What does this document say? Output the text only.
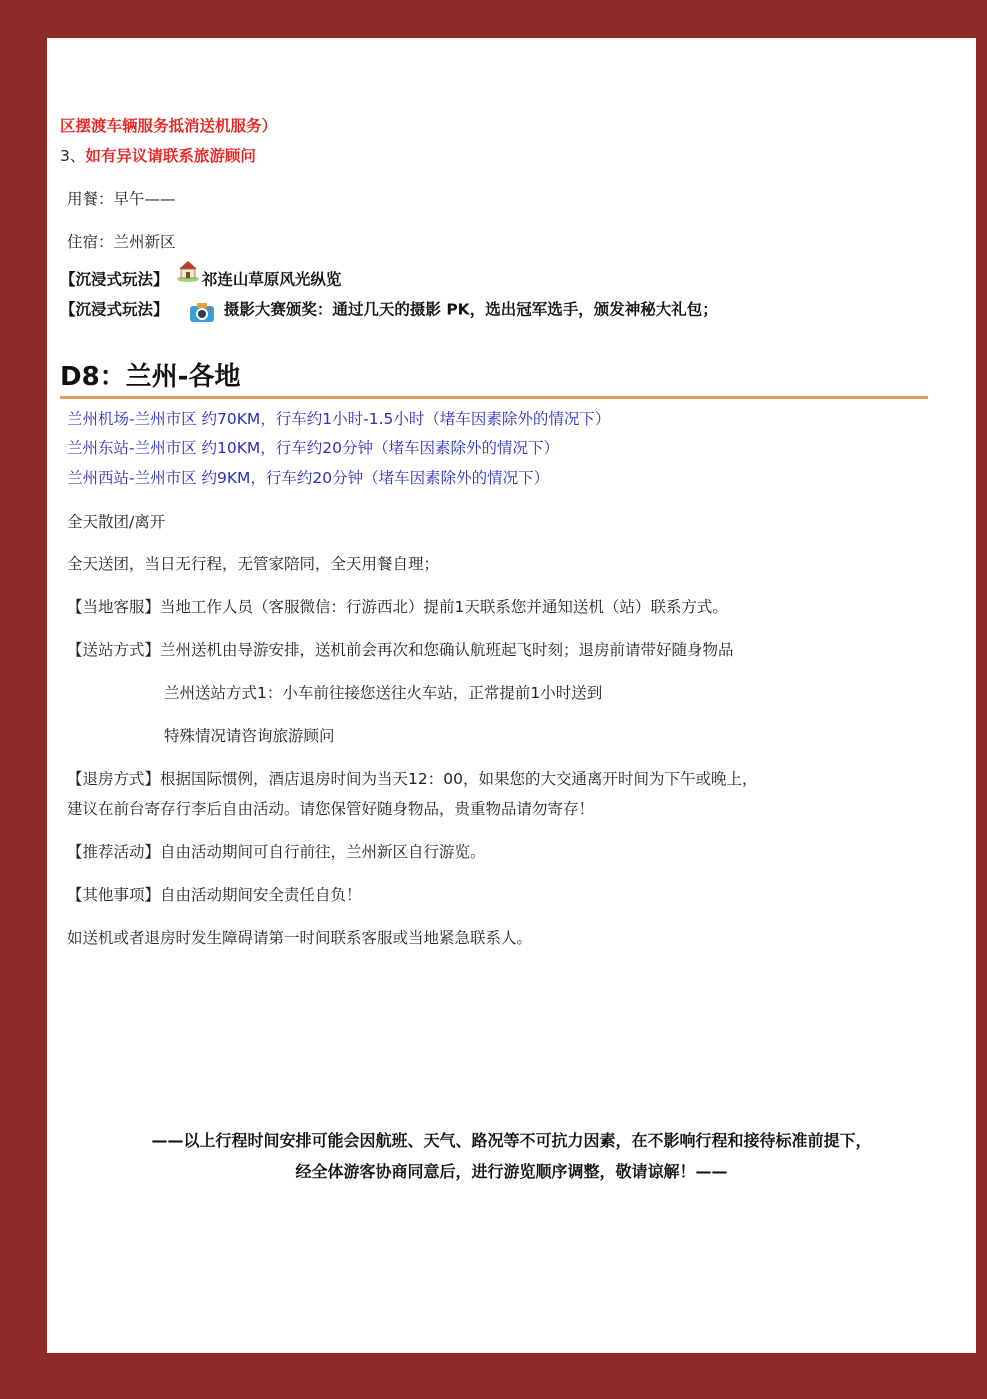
区摆渡车辆服务抵消送机服务）
3、如有异议请联系旅游顾问
用餐：早午——
住宿：兰州新区
【沉浸式玩法】 祁连山草原风光纵览
【沉浸式玩法】	摄影大赛颁奖：通过几天的摄影 PK，选出冠军选手，颁发神秘大礼包；
D8：兰州-各地
兰州机场-兰州市区 约70KM，行车约1小时-1.5小时（堵车因素除外的情况下）
兰州东站-兰州市区 约10KM，行车约20分钟（堵车因素除外的情况下）
兰州西站-兰州市区 约9KM，行车约20分钟（堵车因素除外的情况下）
全天散团/离开
全天送团，当日无行程，无管家陪同，全天用餐自理；
【当地客服】当地工作人员（客服微信：行游西北）提前1天联系您并通知送机（站）联系方式。
【送站方式】兰州送机由导游安排，送机前会再次和您确认航班起飞时刻；退房前请带好随身物品
兰州送站方式1：小车前往接您送往火车站，正常提前1小时送到
特殊情况请咨询旅游顾问
【退房方式】根据国际惯例，酒店退房时间为当天12：00，如果您的大交通离开时间为下午或晚上，
建议在前台寄存行李后自由活动。请您保管好随身物品，贵重物品请勿寄存！
【推荐活动】自由活动期间可自行前往，兰州新区自行游览。
【其他事项】自由活动期间安全责任自负！
如送机或者退房时发生障碍请第一时间联系客服或当地紧急联系人。
——以上行程时间安排可能会因航班、天气、路况等不可抗力因素，在不影响行程和接待标准前提下，
经全体游客协商同意后，进行游览顺序调整，敬请谅解！——
